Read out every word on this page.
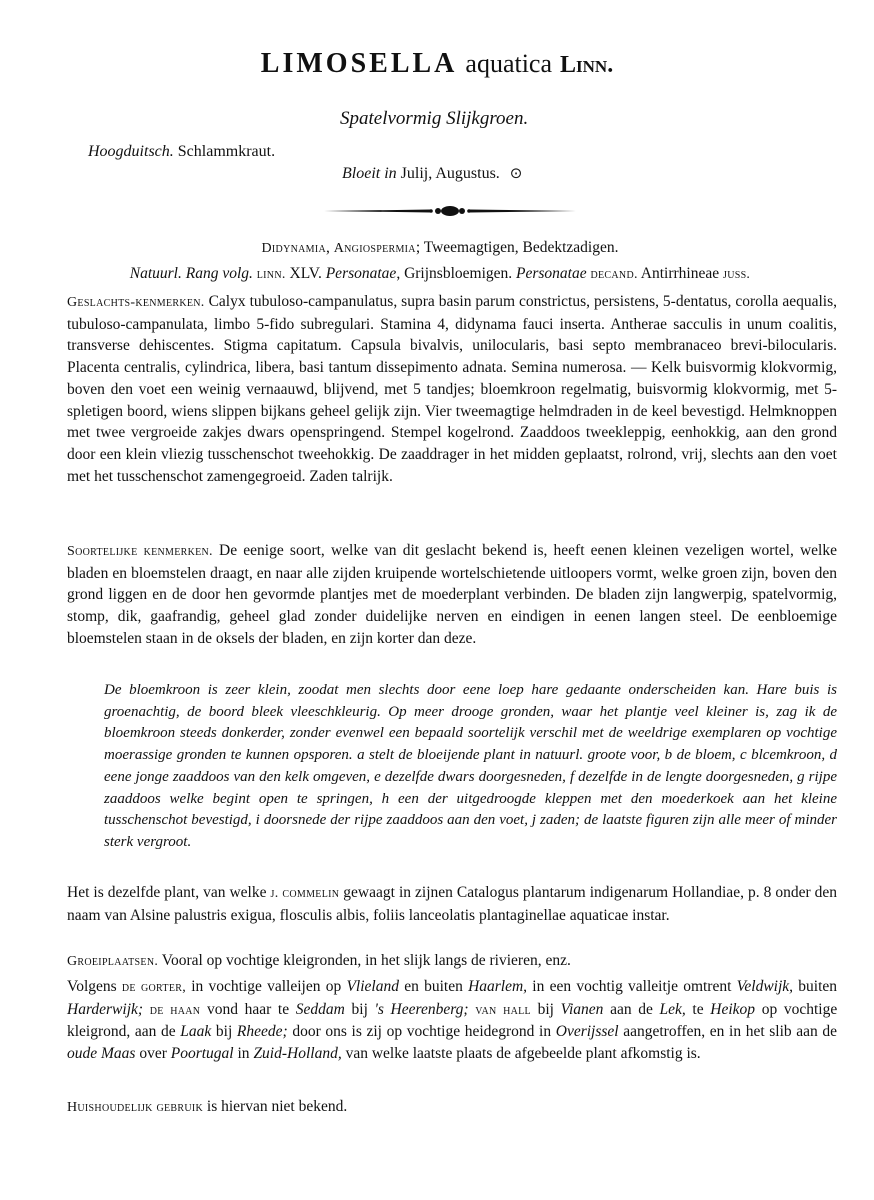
LIMOSELLA aquatica Linn.
Spatelvormig Slijkgroen.
Hoogduitsch. Schlammkraut.
Bloeit in Julij, Augustus. ⊙
Didynamia, Angiospermia; Tweemagtigen, Bedektzadigen.
Natuurl. Rang volg. linn. XLV. Personatae, Grijnsbloemigen. Personatae decand. Antirrhineae juss.
Geslachts-kenmerken. Calyx tubuloso-campanulatus, supra basin parum constrictus, persistens, 5-dentatus, corolla aequalis, tubuloso-campanulata, limbo 5-fido subregulari. Stamina 4, didynama fauci inserta. Antherae sacculis in unum coalitis, transverse dehiscentes. Stigma capitatum. Capsula bivalvis, unilocularis, basi septo membranaceo brevi-bilocularis. Placenta centralis, cylindrica, libera, basi tantum dissepimento adnata. Semina numerosa. — Kelk buisvormig klokvormig, boven den voet een weinig vernaauwd, blijvend, met 5 tandjes; bloemkroon regelmatig, buisvormig klokvormig, met 5-spletigen boord, wiens slippen bijkans geheel gelijk zijn. Vier tweemagtige helmdraden in de keel bevestigd. Helmknoppen met twee vergroeide zakjes dwars openspringend. Stempel kogelrond. Zaaddoos tweekleppig, eenhokkig, aan den grond door een klein vliezig tusschenschot tweehokkig. De zaaddrager in het midden geplaatst, rolrond, vrij, slechts aan den voet met het tusschenschot zamengegroeid. Zaden talrijk.
Soortelijke kenmerken. De eenige soort, welke van dit geslacht bekend is, heeft eenen kleinen vezeligen wortel, welke bladen en bloemstelen draagt, en naar alle zijden kruipende wortelschietende uitloopers vormt, welke groen zijn, boven den grond liggen en de door hen gevormde plantjes met de moederplant verbinden. De bladen zijn langwerpig, spatelvormig, stomp, dik, gaafrandig, geheel glad zonder duidelijke nerven en eindigen in eenen langen steel. De eenbloemige bloemstelen staan in de oksels der bladen, en zijn korter dan deze.
De bloemkroon is zeer klein, zoodat men slechts door eene loep hare gedaante onderscheiden kan. Hare buis is groenachtig, de boord bleek vleeschkleurig. Op meer drooge gronden, waar het plantje veel kleiner is, zag ik de bloemkroon steeds donkerder, zonder evenwel een bepaald soortelijk verschil met de weeldrige exemplaren op vochtige moerassige gronden te kunnen opsporen. a stelt de bloeijende plant in natuurl. groote voor, b de bloem, c blcemkroon, d eene jonge zaaddoos van den kelk omgeven, e dezelfde dwars doorgesneden, f dezelfde in de lengte doorgesneden, g rijpe zaaddoos welke begint open te springen, h een der uitgedroogde kleppen met den moederkoek aan het kleine tusschenschot bevestigd, i doorsnede der rijpe zaaddoos aan den voet, j zaden; de laatste figuren zijn alle meer of minder sterk vergroot.
Het is dezelfde plant, van welke j. commelin gewaagt in zijnen Catalogus plantarum indigenarum Hollandiae, p. 8 onder den naam van Alsine palustris exigua, flosculis albis, foliis lanceolatis plantaginellae aquaticae instar.
Groeiplaatsen. Vooral op vochtige kleigronden, in het slijk langs de rivieren, enz.
Volgens de gorter, in vochtige valleijen op Vlieland en buiten Haarlem, in een vochtig valleitje omtrent Veldwijk, buiten Harderwijk; de haan vond haar te Seddam bij 's Heerenberg; van hall bij Vianen aan de Lek, te Heikop op vochtige kleigrond, aan de Laak bij Rheede; door ons is zij op vochtige heidegrond in Overijssel aangetroffen, en in het slib aan de oude Maas over Poortugal in Zuid-Holland, van welke laatste plaats de afgebeelde plant afkomstig is.
Huishoudelijk gebruik is hiervan niet bekend.
